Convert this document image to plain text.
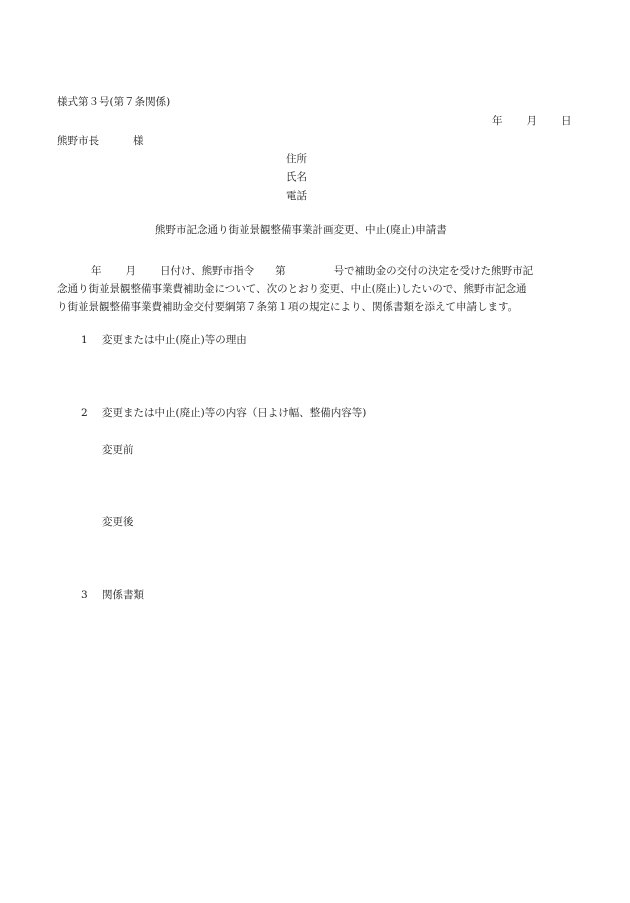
様式第３号(第７条関係)
年 月 日
熊野市長	様
住所
氏名
電話
熊野市記念通り街並景観整備事業計画変更、中止(廃止)申請書
年 月 日付け、熊野市指令 第	号で補助金の交付の決定を受けた熊野市記
念通り街並景観整備事業費補助金について、次のとおり変更、中止(廃止)したいので、熊野市記念通
り街並景観整備事業費補助金交付要綱第７条第１項の規定により、関係書類を添えて申請します。
1 変更または中止(廃止)等の理由
2 変更または中止(廃止)等の内容（日よけ幅、整備内容等)
変更前
変更後
3 関係書類
